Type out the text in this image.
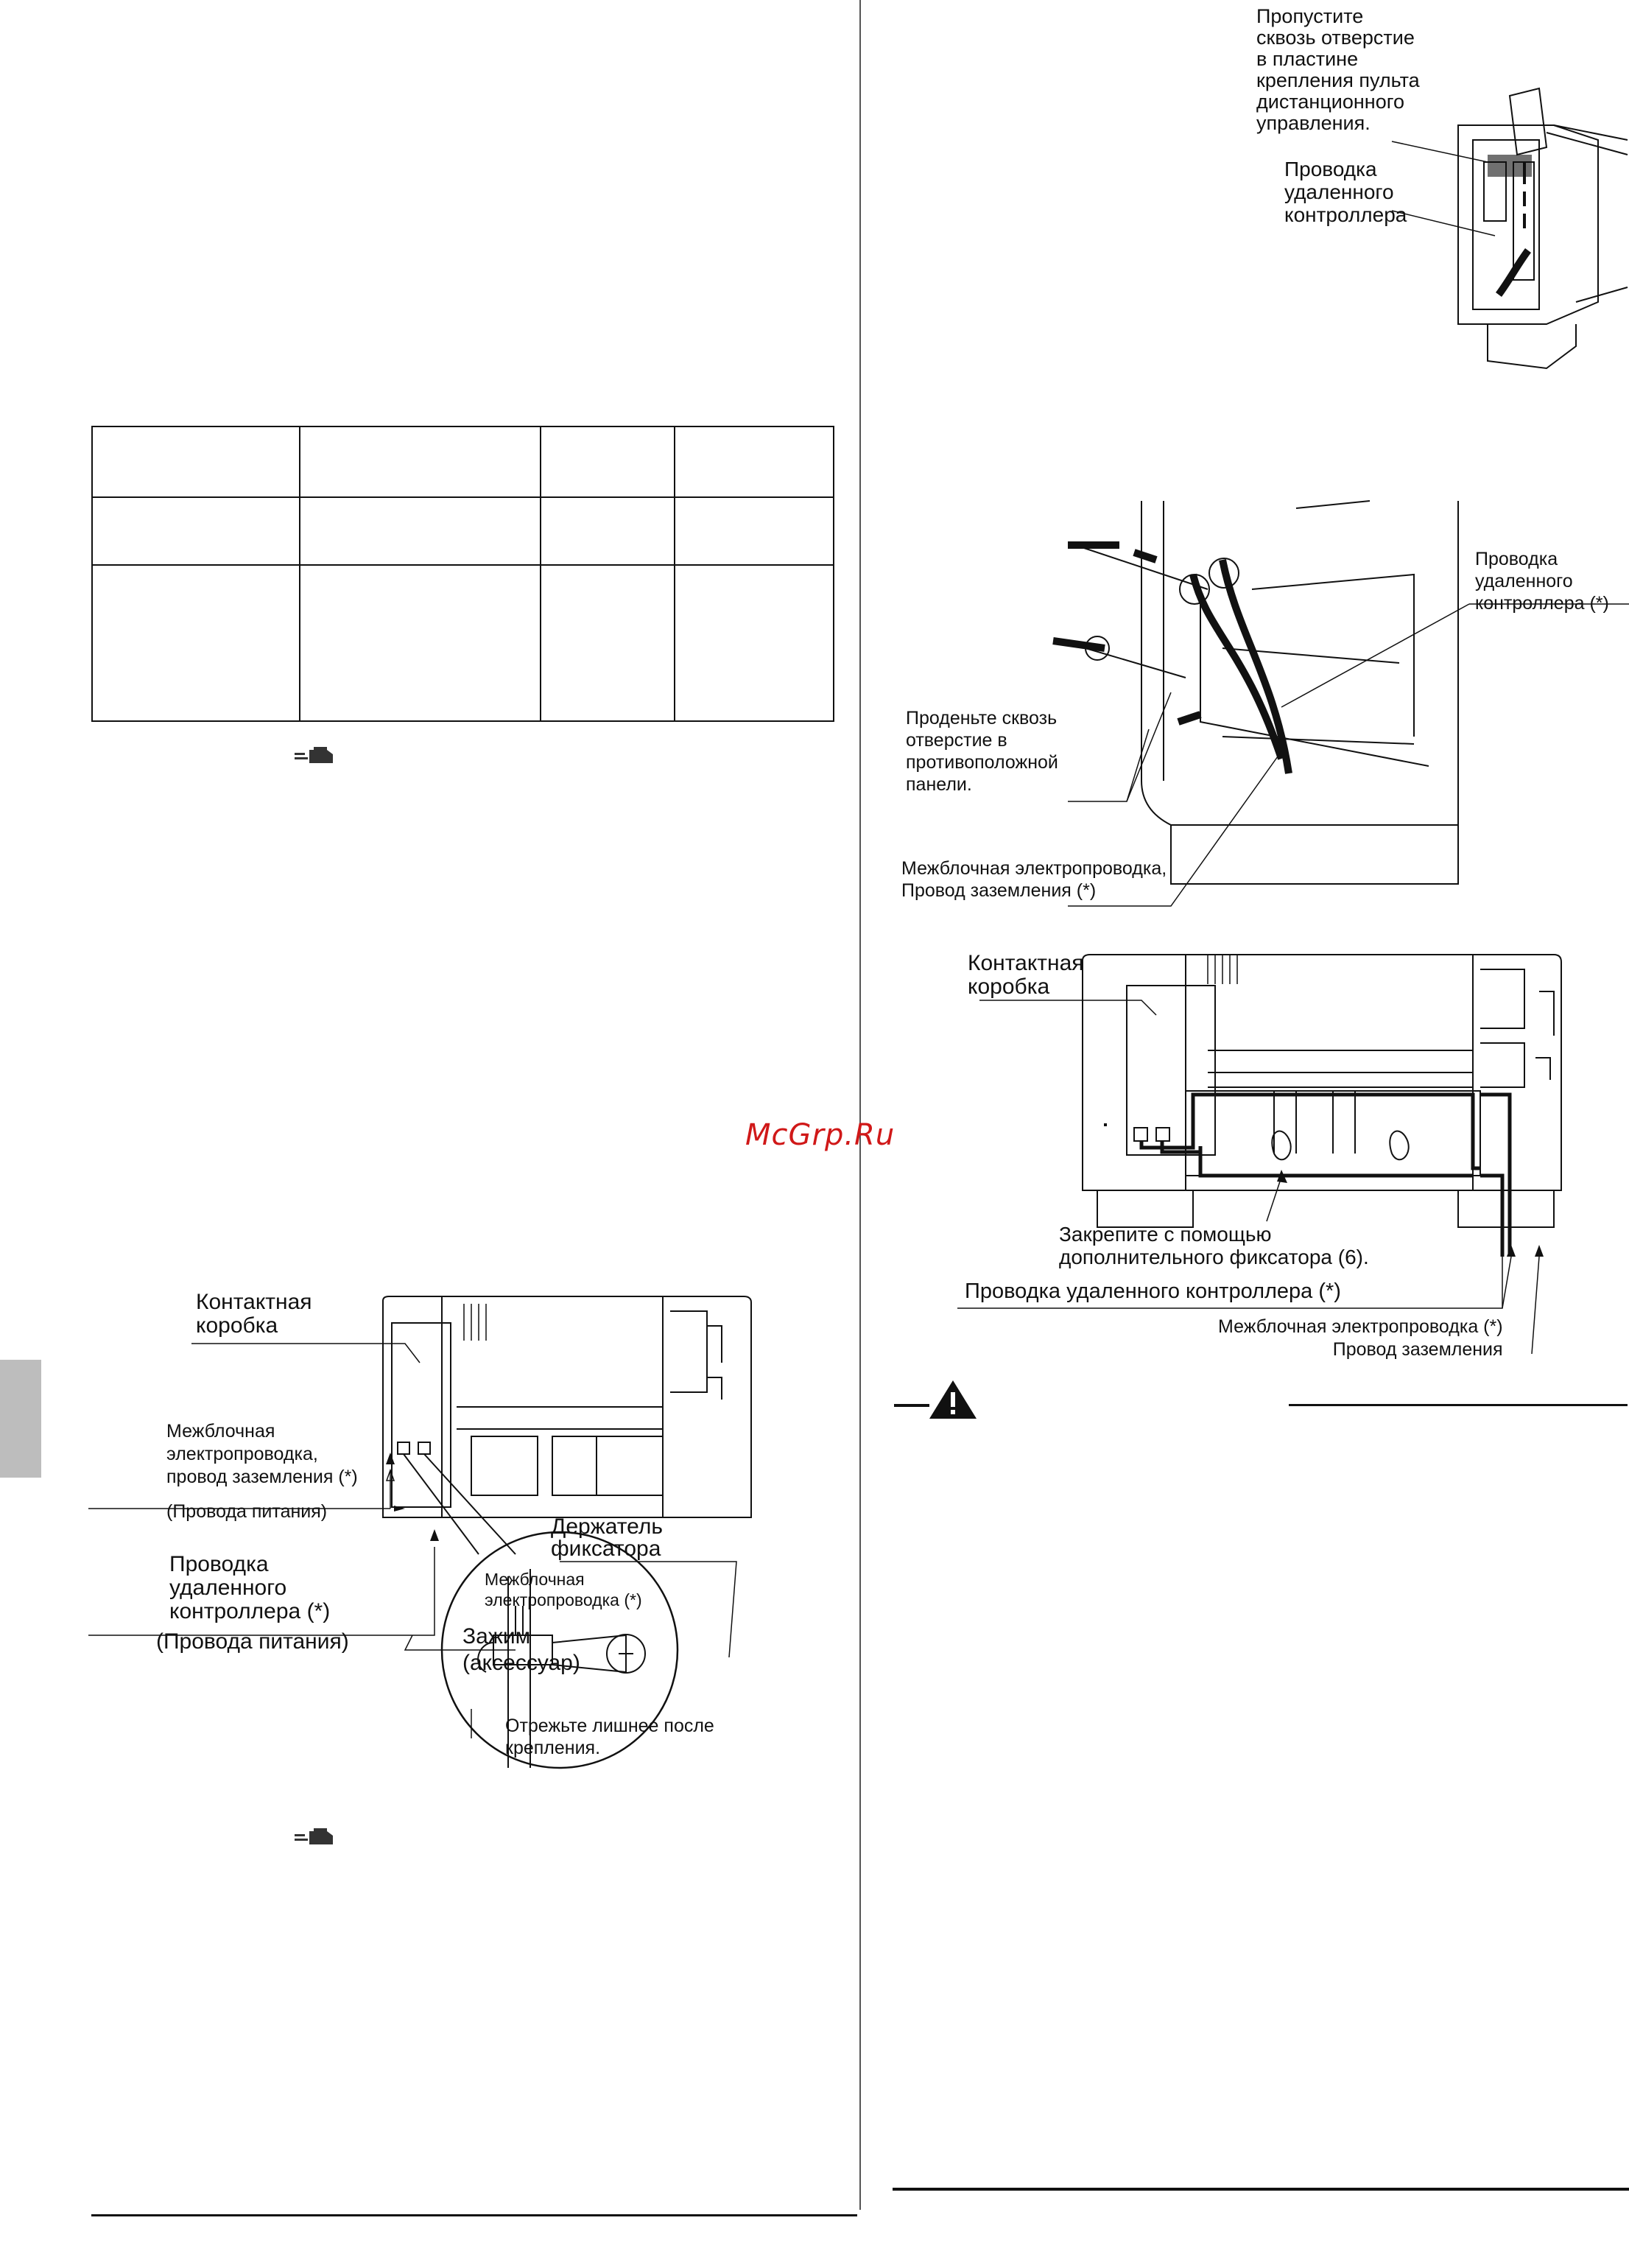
McGrp.Ru
Пропустите
сквозь отверстие
в пластине
крепления пульта
дистанционного
управления.
Проводка
удаленного
контроллера
Проводка
удаленного
контроллера (*)
Проденьте сквозь
отверстие в
противоположной
панели.
Межблочная электропроводка,
Провод заземления (*)
Контактная
коробка
Закрепите с помощью
дополнительного фиксатора (6).
Проводка удаленного контроллера (*)
Межблочная электропроводка (*)
Провод заземления
Контактная
коробка
Межблочная
электропроводка,
провод заземления (*)
(Провода питания)
Проводка
удаленного
контроллера (*)
(Провода питания)
Держатель
фиксатора
Межблочная
электропроводка (*)
Зажим
(аксессуар)
Отрежьте лишнее после
крепления.
